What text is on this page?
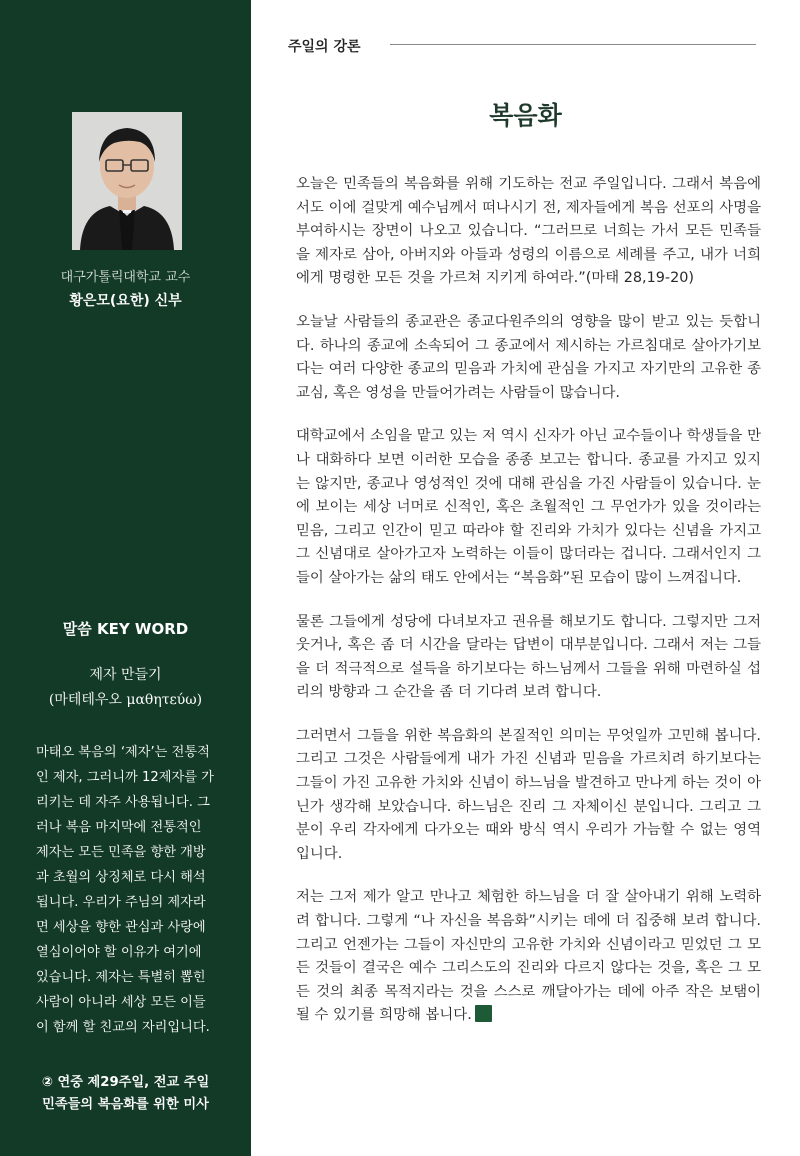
대구가톨릭대학교 교수
황은모(요한) 신부
말씀 KEY WORD
제자 만들기
(마테테우오 μαθητεύω)
마태오 복음의 ‘제자’는 전통적
인 제자, 그러니까 12제자를 가
리키는 데 자주 사용됩니다. 그
러나 복음 마지막에 전통적인
제자는 모든 민족을 향한 개방
과 초월의 상징체로 다시 해석
됩니다. 우리가 주님의 제자라
면 세상을 향한 관심과 사랑에
열심이어야 할 이유가 여기에
있습니다. 제자는 특별히 뽑힌
사람이 아니라 세상 모든 이들
이 함께 할 친교의 자리입니다.
② 연중 제29주일, 전교 주일
민족들의 복음화를 위한 미사
주일의 강론
복음화

오늘은 민족들의 복음화를 위해 기도하는 전교 주일입니다. 그래서 복음에서도 이에 걸맞게 예수님께서 떠나시기 전, 제자들에게 복음 선포의 사명을 부여하시는 장면이 나오고 있습니다. “그러므로 너희는 가서 모든 민족들을 제자로 삼아, 아버지와 아들과 성령의 이름으로 세례를 주고, 내가 너희에게 명령한 모든 것을 가르쳐 지키게 하여라.”(마태 28,19-20)

오늘날 사람들의 종교관은 종교다원주의의 영향을 많이 받고 있는 듯합니다. 하나의 종교에 소속되어 그 종교에서 제시하는 가르침대로 살아가기보다는 여러 다양한 종교의 믿음과 가치에 관심을 가지고 자기만의 고유한 종교심, 혹은 영성을 만들어가려는 사람들이 많습니다.

대학교에서 소임을 맡고 있는 저 역시 신자가 아닌 교수들이나 학생들을 만나 대화하다 보면 이러한 모습을 종종 보고는 합니다. 종교를 가지고 있지는 않지만, 종교나 영성적인 것에 대해 관심을 가진 사람들이 있습니다. 눈에 보이는 세상 너머로 신적인, 혹은 초월적인 그 무언가가 있을 것이라는 믿음, 그리고 인간이 믿고 따라야 할 진리와 가치가 있다는 신념을 가지고 그 신념대로 살아가고자 노력하는 이들이 많더라는 겁니다. 그래서인지 그들이 살아가는 삶의 태도 안에서는 “복음화”된 모습이 많이 느껴집니다.

물론 그들에게 성당에 다녀보자고 권유를 해보기도 합니다. 그렇지만 그저 웃거나, 혹은 좀 더 시간을 달라는 답변이 대부분입니다. 그래서 저는 그들을 더 적극적으로 설득을 하기보다는 하느님께서 그들을 위해 마련하실 섭리의 방향과 그 순간을 좀 더 기다려 보려 합니다.

그러면서 그들을 위한 복음화의 본질적인 의미는 무엇일까 고민해 봅니다. 그리고 그것은 사람들에게 내가 가진 신념과 믿음을 가르치려 하기보다는 그들이 가진 고유한 가치와 신념이 하느님을 발견하고 만나게 하는 것이 아닌가 생각해 보았습니다. 하느님은 진리 그 자체이신 분입니다. 그리고 그분이 우리 각자에게 다가오는 때와 방식 역시 우리가 가늠할 수 없는 영역입니다.

저는 그저 제가 알고 만나고 체험한 하느님을 더 잘 살아내기 위해 노력하려 합니다. 그렇게 “나 자신을 복음화”시키는 데에 더 집중해 보려 합니다. 그리고 언젠가는 그들이 자신만의 고유한 가치와 신념이라고 믿었던 그 모든 것들이 결국은 예수 그리스도의 진리와 다르지 않다는 것을, 혹은 그 모든 것의 최종 목적지라는 것을 스스로 깨달아가는 데에 아주 작은 보탬이 될 수 있기를 희망해 봅니다.
